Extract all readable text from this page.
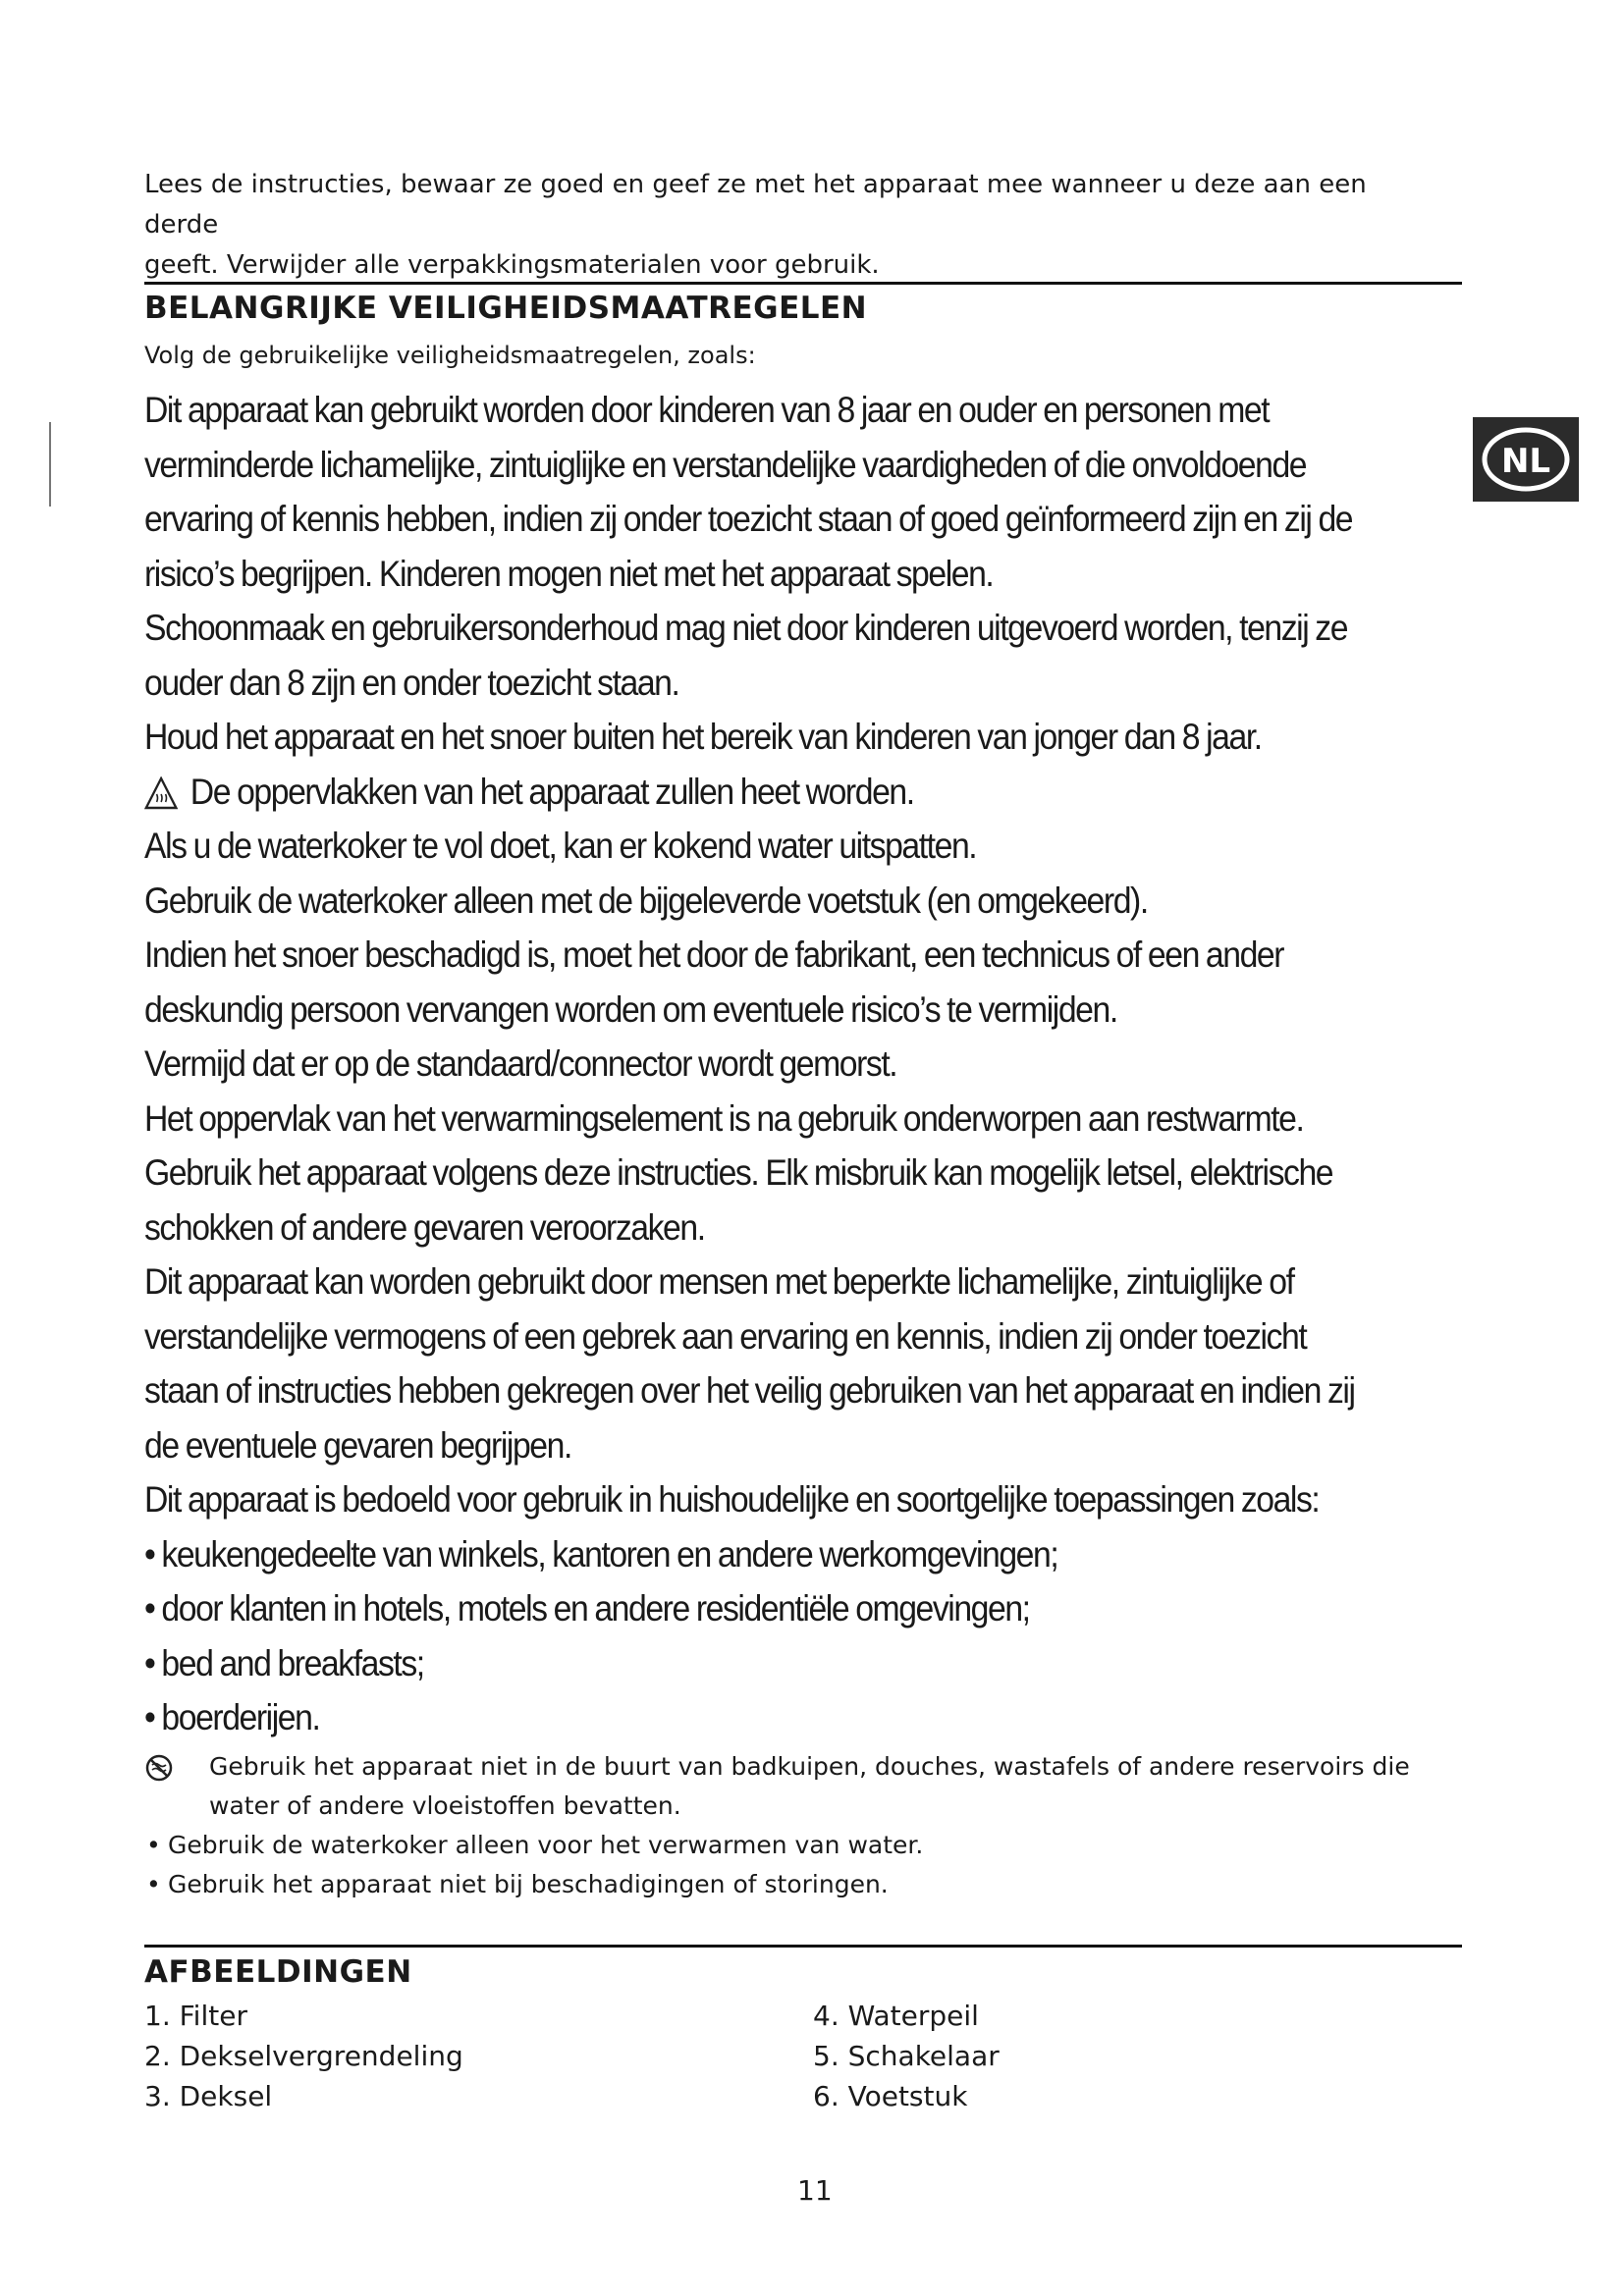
NL
Lees de instructies, bewaar ze goed en geef ze met het apparaat mee wanneer u deze aan een derde
geeft. Verwijder alle verpakkingsmaterialen voor gebruik.
BELANGRIJKE VEILIGHEIDSMAATREGELEN
Volg de gebruikelijke veiligheidsmaatregelen, zoals:

Dit apparaat kan gebruikt worden door kinderen van 8 jaar en ouder en personen met verminderde lichamelijke, zintuiglijke en verstandelijke vaardigheden of die onvoldoende ervaring of kennis hebben, indien zij onder toezicht staan of goed geïnformeerd zijn en zij de risico’s begrijpen. Kinderen mogen niet met het apparaat spelen.

Schoonmaak en gebruikersonderhoud mag niet door kinderen uitgevoerd worden, tenzij ze ouder dan 8 zijn en onder toezicht staan.

Houd het apparaat en het snoer buiten het bereik van kinderen van jonger dan 8 jaar.

De oppervlakken van het apparaat zullen heet worden.

Als u de waterkoker te vol doet, kan er kokend water uitspatten.

Gebruik de waterkoker alleen met de bijgeleverde voetstuk (en omgekeerd).

Indien het snoer beschadigd is, moet het door de fabrikant, een technicus of een ander deskundig persoon vervangen worden om eventuele risico’s te vermijden.

Vermijd dat er op de standaard/connector wordt gemorst.

Het oppervlak van het verwarmingselement is na gebruik onderworpen aan restwarmte.

Gebruik het apparaat volgens deze instructies. Elk misbruik kan mogelijk letsel, elektrische schokken of andere gevaren veroorzaken.

Dit apparaat kan worden gebruikt door mensen met beperkte lichamelijke, zintuiglijke of verstandelijke vermogens of een gebrek aan ervaring en kennis, indien zij onder toezicht staan of instructies hebben gekregen over het veilig gebruiken van het apparaat en indien zij de eventuele gevaren begrijpen.

Dit apparaat is bedoeld voor gebruik in huishoudelijke en soortgelijke toepassingen zoals:

• keukengedeelte van winkels, kantoren en andere werkomgevingen;

• door klanten in hotels, motels en andere residentiële omgevingen;

• bed and breakfasts;

• boerderijen.

Gebruik het apparaat niet in de buurt van badkuipen, douches, wastafels of andere reservoirs die water of andere vloeistoffen bevatten.

• Gebruik de waterkoker alleen voor het verwarmen van water.

• Gebruik het apparaat niet bij beschadigingen of storingen.

AFBEELDINGEN
1. Filter
2. Dekselvergrendeling
3. Deksel
4. Waterpeil
5. Schakelaar
6. Voetstuk
11
